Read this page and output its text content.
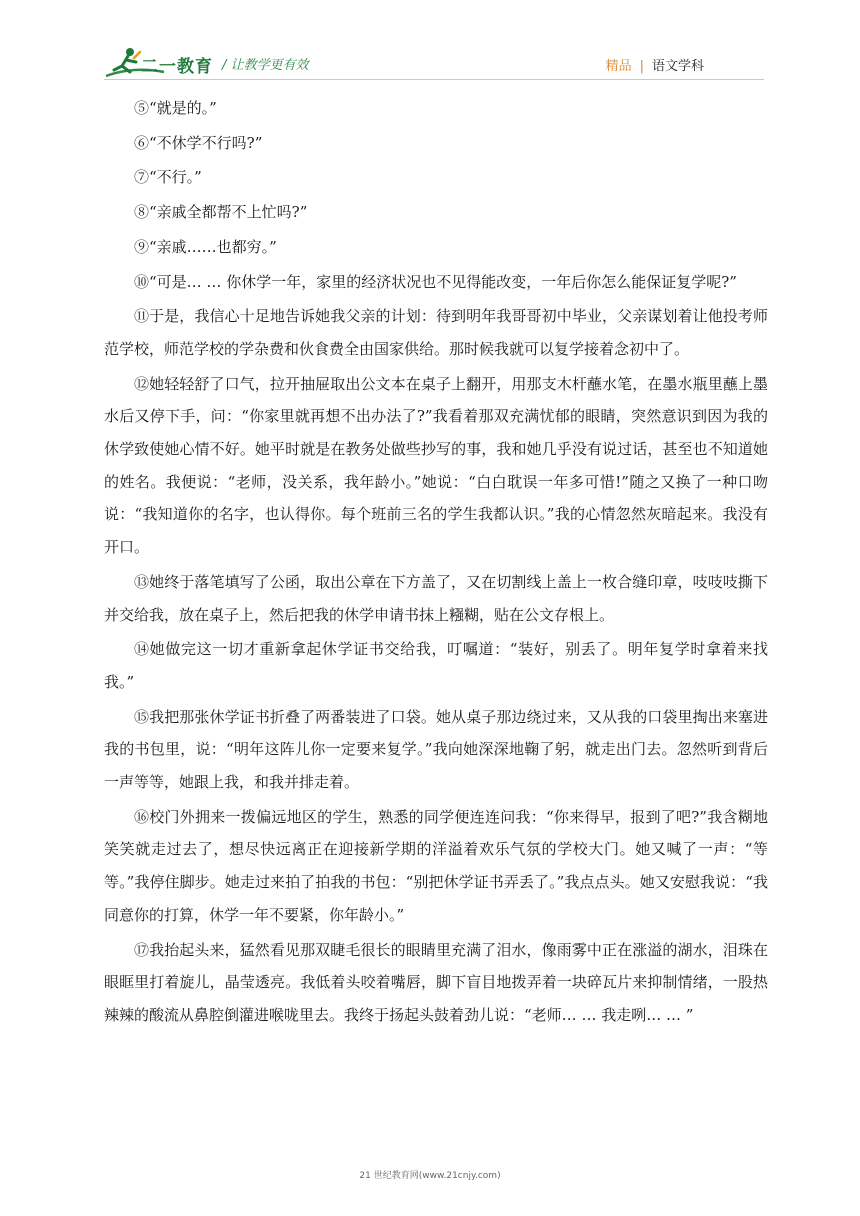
二一教育 / 让教学更有效	精品 | 语文学科

⑤“就是的。”

⑥“不休学不行吗?”

⑦“不行。”

⑧“亲戚全都帮不上忙吗?”

⑨“亲戚……也都穷。”

⑩“可是… … 你休学一年，家里的经济状况也不见得能改变，一年后你怎么能保证复学呢?”

⑪于是，我信心十足地告诉她我父亲的计划：待到明年我哥哥初中毕业，父亲谋划着让他投考师范学校，师范学校的学杂费和伙食费全由国家供给。那时候我就可以复学接着念初中了。

⑫她轻轻舒了口气，拉开抽屉取出公文本在桌子上翻开，用那支木杆蘸水笔，在墨水瓶里蘸上墨水后又停下手，问：“你家里就再想不出办法了?”我看着那双充满忧郁的眼睛，突然意识到因为我的休学致使她心情不好。她平时就是在教务处做些抄写的事，我和她几乎没有说过话，甚至也不知道她的姓名。我便说：“老师，没关系，我年龄小。”她说：“白白耽误一年多可惜!”随之又换了一种口吻说：“我知道你的名字，也认得你。每个班前三名的学生我都认识。”我的心情忽然灰暗起来。我没有开口。

⑬她终于落笔填写了公函，取出公章在下方盖了，又在切割线上盖上一枚合缝印章，吱吱吱撕下并交给我，放在桌子上，然后把我的休学申请书抹上糨糊，贴在公文存根上。

⑭她做完这一切才重新拿起休学证书交给我，叮嘱道：“装好，别丢了。明年复学时拿着来找我。”

⑮我把那张休学证书折叠了两番装进了口袋。她从桌子那边绕过来，又从我的口袋里掏出来塞进我的书包里，说：“明年这阵儿你一定要来复学。”我向她深深地鞠了躬，就走出门去。忽然听到背后一声等等，她跟上我，和我并排走着。

⑯校门外拥来一拨偏远地区的学生，熟悉的同学便连连问我：“你来得早，报到了吧?”我含糊地笑笑就走过去了，想尽快远离正在迎接新学期的洋溢着欢乐气氛的学校大门。她又喊了一声：“等等。”我停住脚步。她走过来拍了拍我的书包：“别把休学证书弄丢了。”我点点头。她又安慰我说：“我同意你的打算，休学一年不要紧，你年龄小。”

⑰我抬起头来，猛然看见那双睫毛很长的眼睛里充满了泪水，像雨雾中正在涨溢的湖水，泪珠在眼眶里打着旋儿，晶莹透亮。我低着头咬着嘴唇，脚下盲目地拨弄着一块碎瓦片来抑制情绪，一股热辣辣的酸流从鼻腔倒灌进喉咙里去。我终于扬起头鼓着劲儿说：“老师… … 我走咧… … ”

21 世纪教育网(www.21cnjy.com)
